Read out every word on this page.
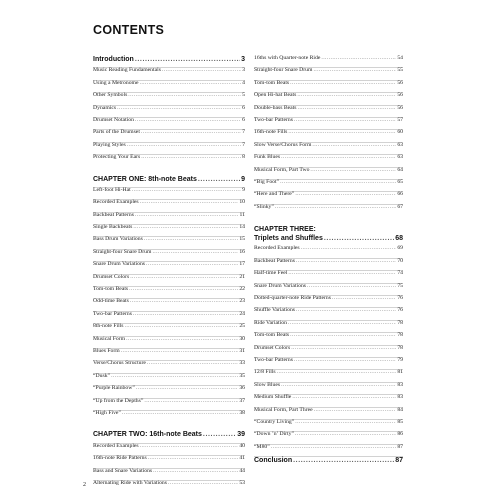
CONTENTS
Introduction .....	3
Music Reading Fundamentals .....	3
Using a Metronome .....	4
Other Symbols .....	5
Dynamics .....	6
Drumset Notation .....	6
Parts of the Drumset .....	7
Playing Styles .....	7
Protecting Your Ears .....	8
CHAPTER ONE: 8th-note Beats .....	9
Left-foot Hi-Hat .....	9
Recorded Examples .....	10
Backbeat Patterns .....	11
Single Backbeats .....	14
Bass Drum Variations .....	15
Straight-four Snare Drum .....	16
Snare Drum Variations .....	17
Drumset Colors .....	21
Tom-tom Beats .....	22
Odd-time Beats .....	23
Two-bar Patterns .....	24
8th-note Fills .....	25
Musical Form .....	30
Blues Form .....	31
Verse/Chorus Structure .....	33
“Dusk” .....	35
“Purple Rainbow” .....	36
“Up from the Depths” .....	37
“High Five” .....	38
CHAPTER TWO: 16th-note Beats .....	39
Recorded Examples .....	40
16th-note Ride Patterns .....	41
Bass and Snare Variations .....	44
Alternating Ride with Variations .....	53
16ths with Quarter-note Ride .....	54
Straight-four Snare Drum .....	55
Tom-tom Beats .....	56
Open Hi-hat Beats .....	56
Double-bass Beats .....	56
Two-bar Patterns .....	57
16th-note Fills .....	60
Slow Verse/Chorus Form .....	63
Funk Blues .....	63
Musical Form, Part Two .....	64
“Big Foot” .....	65
“Here and There” .....	66
“Slinky” .....	67
CHAPTER THREE:
Triplets and Shuffles .....	68
Recorded Examples .....	69
Backbeat Patterns .....	70
Half-time Feel .....	74
Snare Drum Variations .....	75
Dotted-quarter-note Ride Patterns .....	76
Shuffle Variations .....	76
Ride Variation .....	78
Tom-tom Beats .....	78
Drumset Colors .....	78
Two-bar Patterns .....	79
12/8 Fills .....	81
Slow Blues .....	83
Medium Shuffle .....	83
Musical Form, Part Three .....	84
“Country Living” .....	85
“Down ’n’ Dirty” .....	86
“M80” .....	87
Conclusion .....	87
2
